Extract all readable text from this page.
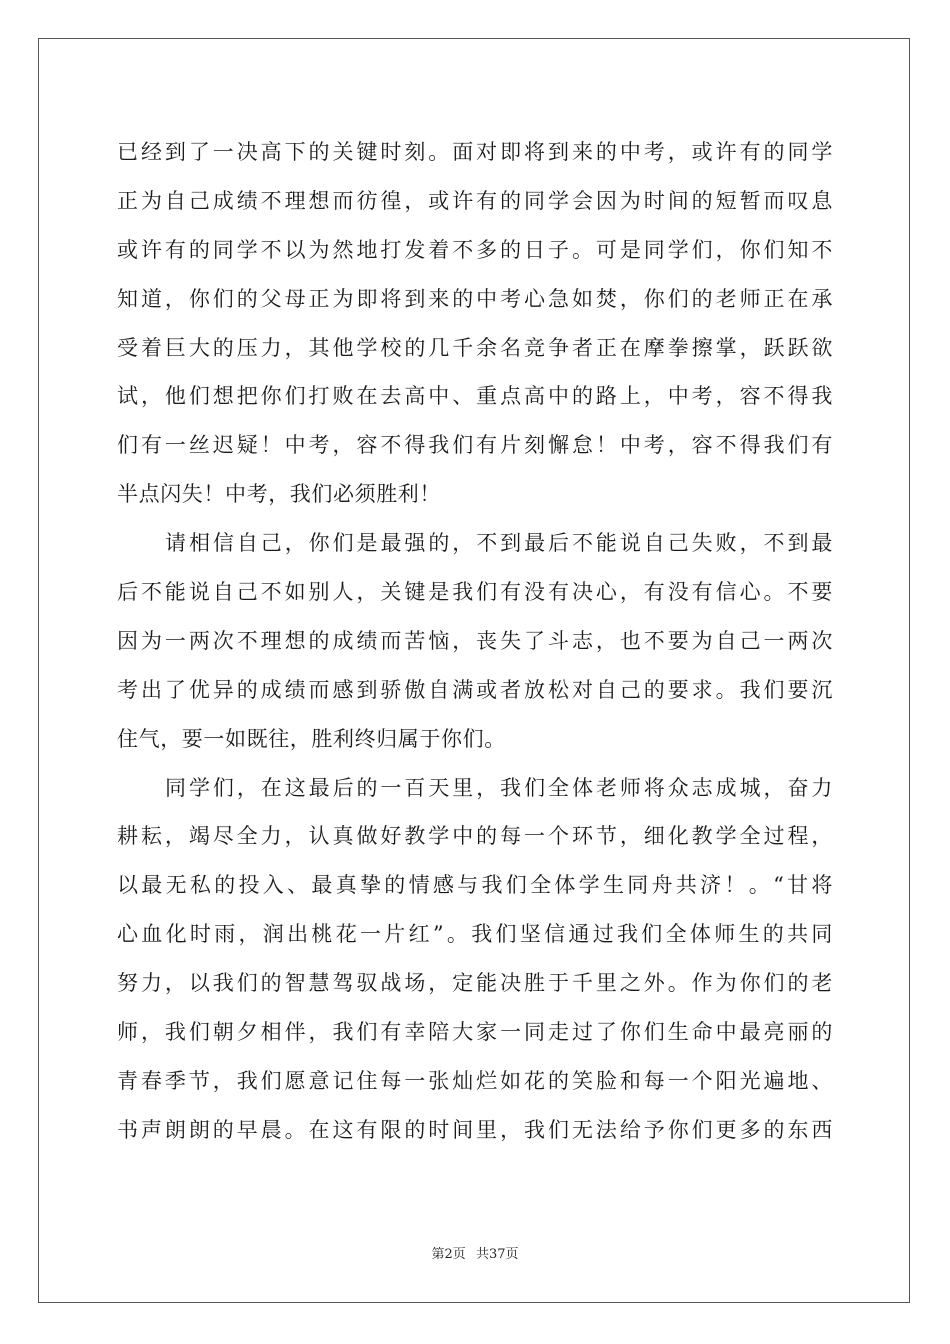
已经到了一决高下的关键时刻。面对即将到来的中考，或许有的同学
正为自己成绩不理想而彷徨，或许有的同学会因为时间的短暂而叹息
或许有的同学不以为然地打发着不多的日子。可是同学们，你们知不
知道，你们的父母正为即将到来的中考心急如焚，你们的老师正在承
受着巨大的压力，其他学校的几千余名竞争者正在摩拳擦掌，跃跃欲
试，他们想把你们打败在去高中、重点高中的路上，中考，容不得我
们有一丝迟疑！中考，容不得我们有片刻懈怠！中考，容不得我们有
半点闪失！中考，我们必须胜利！
请相信自己，你们是最强的，不到最后不能说自己失败，不到最
后不能说自己不如别人，关键是我们有没有决心，有没有信心。不要
因为一两次不理想的成绩而苦恼，丧失了斗志，也不要为自己一两次
考出了优异的成绩而感到骄傲自满或者放松对自己的要求。我们要沉
住气，要一如既往，胜利终归属于你们。
同学们，在这最后的一百天里，我们全体老师将众志成城，奋力
耕耘，竭尽全力，认真做好教学中的每一个环节，细化教学全过程，
以最无私的投入、最真挚的情感与我们全体学生同舟共济！。“甘将
心血化时雨，润出桃花一片红”。我们坚信通过我们全体师生的共同
努力，以我们的智慧驾驭战场，定能决胜于千里之外。作为你们的老
师，我们朝夕相伴，我们有幸陪大家一同走过了你们生命中最亮丽的
青春季节，我们愿意记住每一张灿烂如花的笑脸和每一个阳光遍地、
书声朗朗的早晨。在这有限的时间里，我们无法给予你们更多的东西
第2页 共37页
